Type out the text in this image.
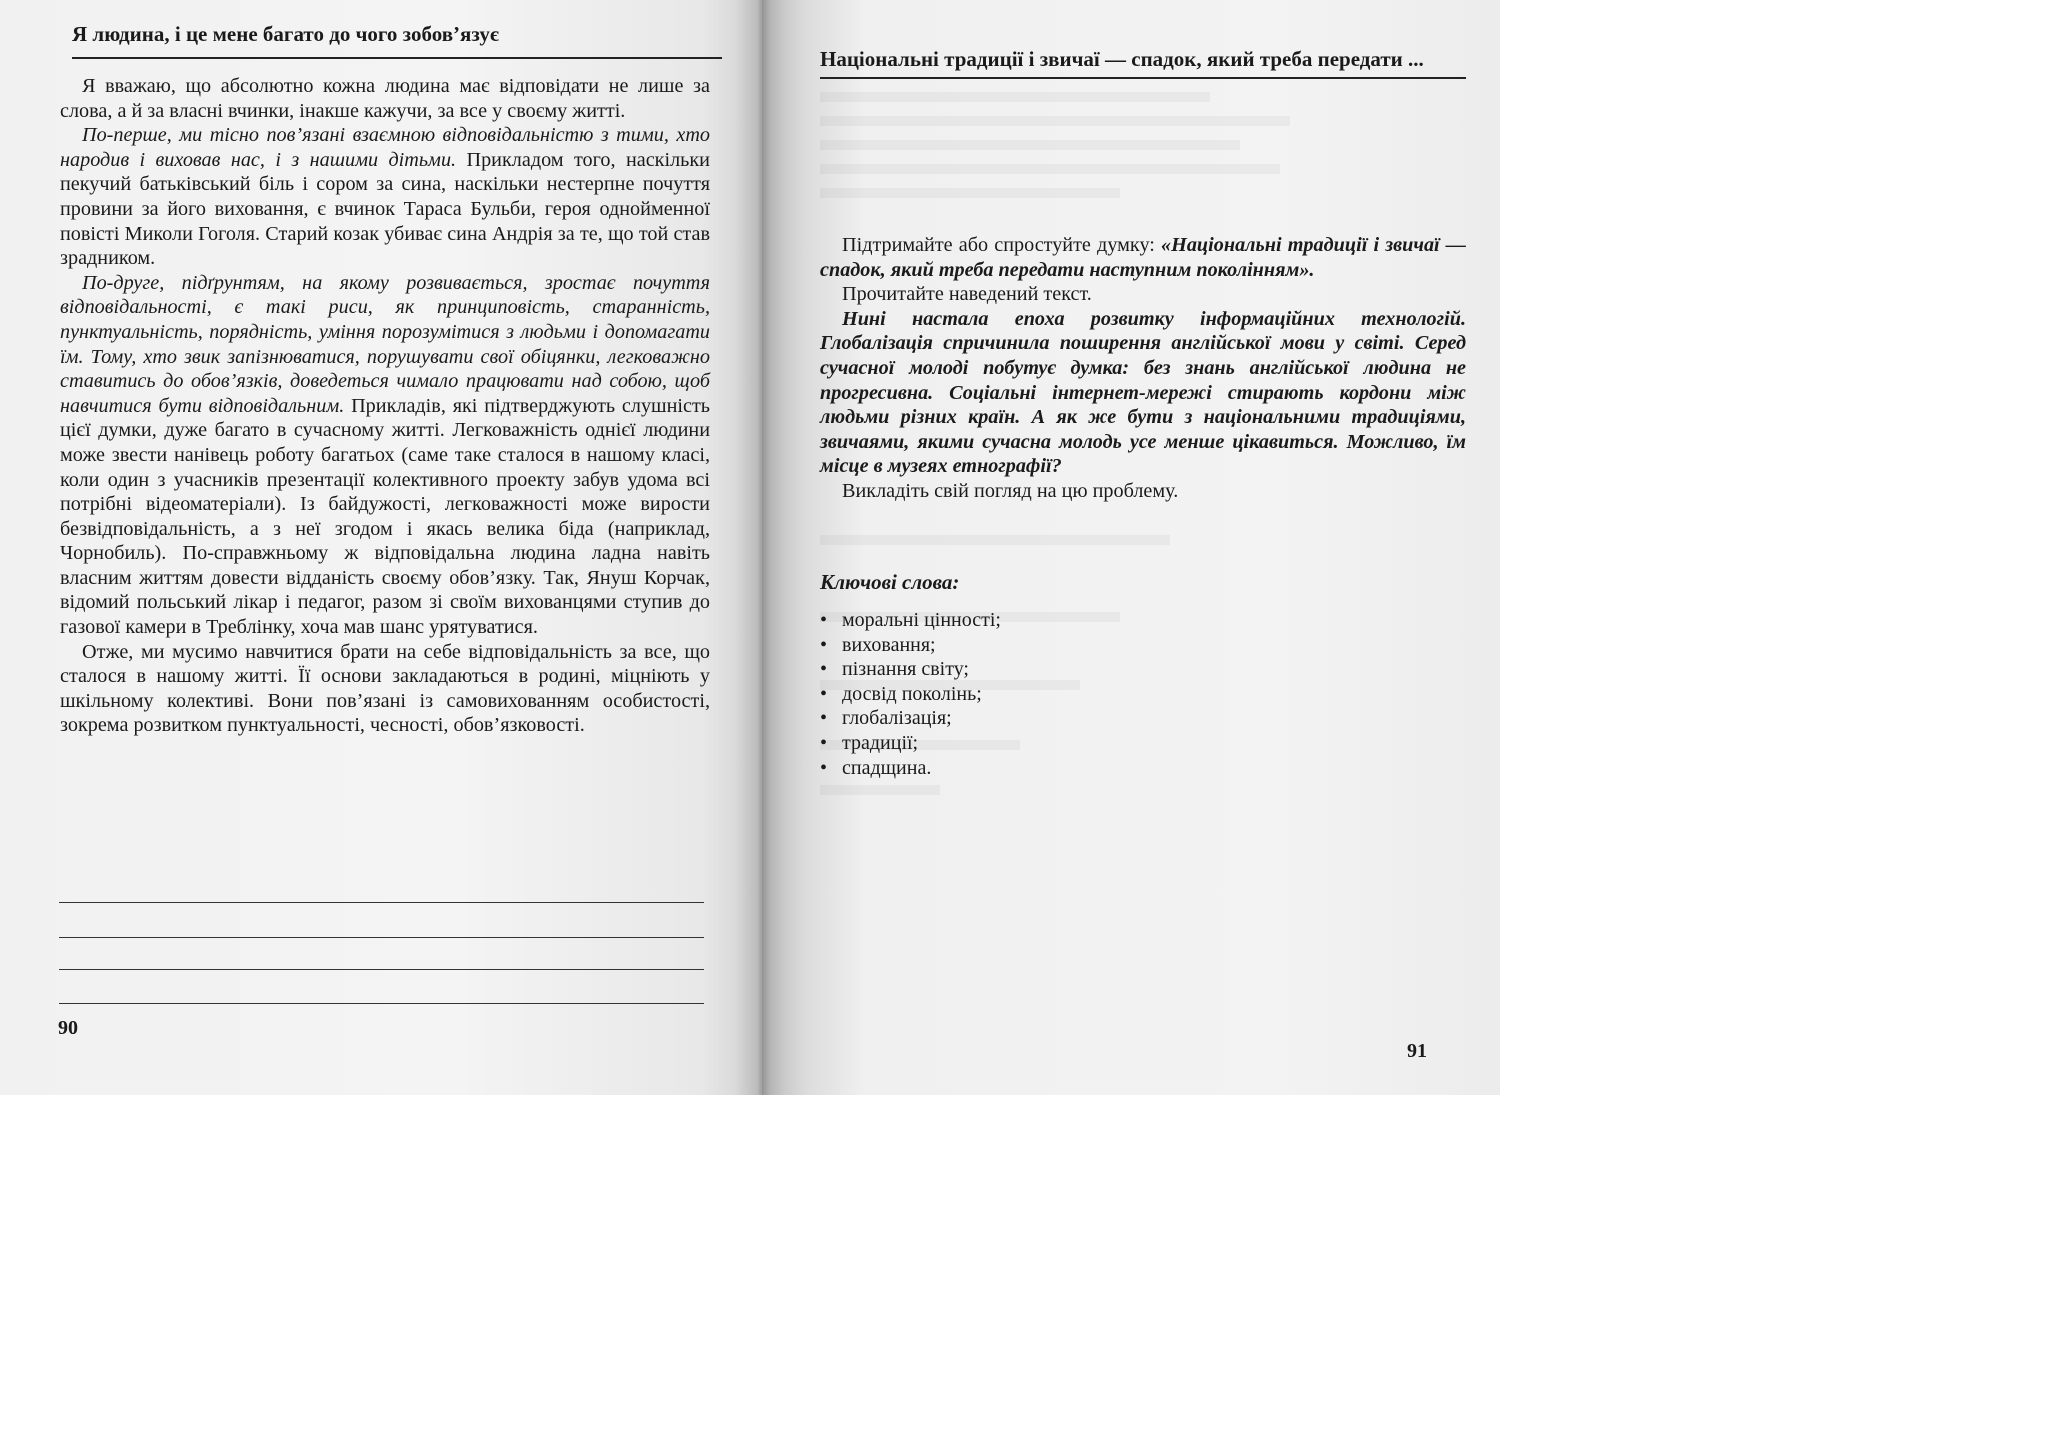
Я людина, і це мене багато до чого зобов’язує

Я вважаю, що абсолютно кожна людина має відповідати не лише за слова, а й за власні вчинки, інакше кажучи, за все у своєму житті.

По-перше, ми тісно пов’язані взаємною відповідальністю з тими, хто народив і виховав нас, і з нашими дітьми. Прикладом того, наскільки пекучий батьківський біль і сором за сина, наскільки нестерпне почуття провини за його виховання, є вчинок Тараса Бульби, героя однойменної повісті Миколи Гоголя. Старий козак убиває сина Андрія за те, що той став зрадником.

По-друге, підґрунтям, на якому розвивається, зростає почуття відповідальності, є такі риси, як принциповість, старанність, пунктуальність, порядність, уміння порозумітися з людьми і допомагати їм. Тому, хто звик запізнюватися, порушувати свої обіцянки, легковажно ставитись до обов’язків, доведеться чимало працювати над собою, щоб навчитися бути відповідальним. Прикладів, які підтверджують слушність цієї думки, дуже багато в сучасному житті. Легковажність однієї людини може звести нанівець роботу багатьох (саме таке сталося в нашому класі, коли один з учасників презентації колективного проекту забув удома всі потрібні відеоматеріали). Із байдужості, легковажності може вирости безвідповідальність, а з неї згодом і якась велика біда (наприклад, Чорнобиль). По-справжньому ж відповідальна людина ладна навіть власним життям довести відданість своєму обов’язку. Так, Януш Корчак, відомий польський лікар і педагог, разом зі своїм вихованцями ступив до газової камери в Треблінку, хоча мав шанс урятуватися.

Отже, ми мусимо навчитися брати на себе відповідальність за все, що сталося в нашому житті. Її основи закладаються в родині, міцніють у шкільному колективі. Вони пов’язані із самовихованням особистості, зокрема розвитком пунктуальності, чесності, обов’язковості.

90
Національні традиції і звичаї — спадок, який треба передати ...

Підтримайте або спростуйте думку: «Національні традиції і звичаї — спадок, який треба передати наступним поколінням».

Прочитайте наведений текст.

Нині настала епоха розвитку інформаційних технологій. Глобалізація спричинила поширення англійської мови у світі. Серед сучасної молоді побутує думка: без знань англійської людина не прогресивна. Соціальні інтернет-мережі стирають кордони між людьми різних країн. А як же бути з національними традиціями, звичаями, якими сучасна молодь усе менше цікавиться. Можливо, їм місце в музеях етнографії?

Викладіть свій погляд на цю проблему.

Ключові слова:
• моральні цінності;
• виховання;
• пізнання світу;
• досвід поколінь;
• глобалізація;
• традиції;
• спадщина.
91
